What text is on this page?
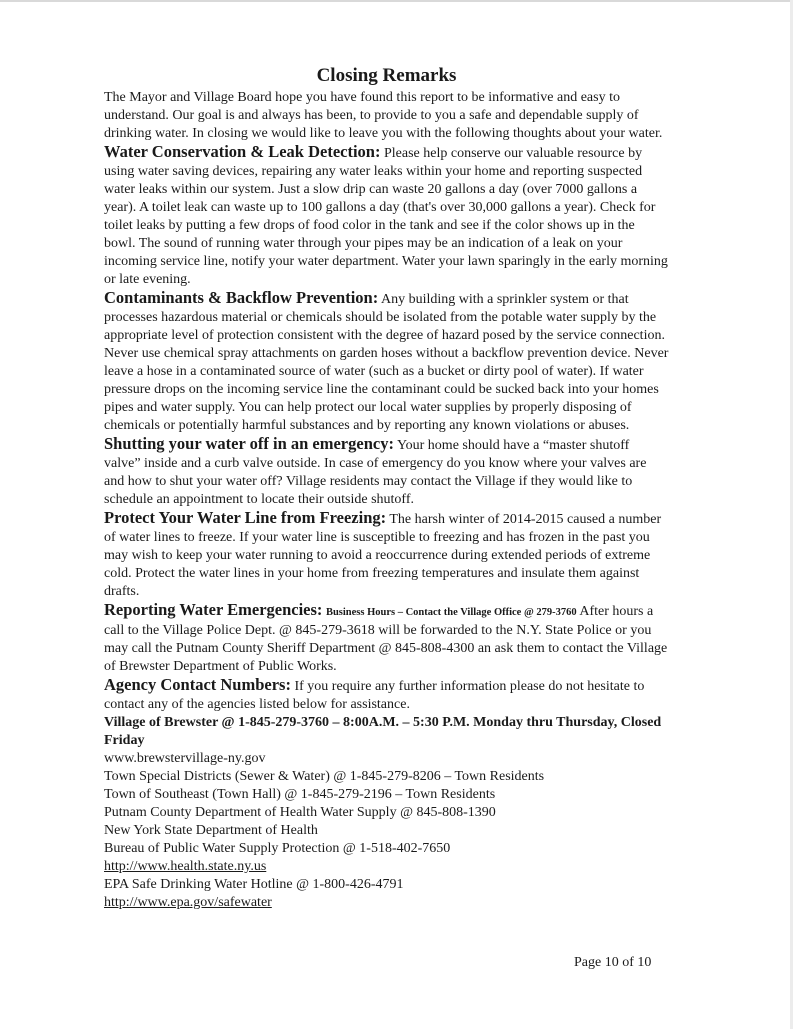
Closing Remarks

The Mayor and Village Board hope you have found this report to be informative and easy to understand. Our goal is and always has been, to provide to you a safe and dependable supply of drinking water. In closing we would like to leave you with the following thoughts about your water.

Water Conservation & Leak Detection: Please help conserve our valuable resource by using water saving devices, repairing any water leaks within your home and reporting suspected water leaks within our system. Just a slow drip can waste 20 gallons a day (over 7000 gallons a year). A toilet leak can waste up to 100 gallons a day (that's over 30,000 gallons a year). Check for toilet leaks by putting a few drops of food color in the tank and see if the color shows up in the bowl. The sound of running water through your pipes may be an indication of a leak on your incoming service line, notify your water department. Water your lawn sparingly in the early morning or late evening.

Contaminants & Backflow Prevention: Any building with a sprinkler system or that processes hazardous material or chemicals should be isolated from the potable water supply by the appropriate level of protection consistent with the degree of hazard posed by the service connection. Never use chemical spray attachments on garden hoses without a backflow prevention device. Never leave a hose in a contaminated source of water (such as a bucket or dirty pool of water). If water pressure drops on the incoming service line the contaminant could be sucked back into your homes pipes and water supply. You can help protect our local water supplies by properly disposing of chemicals or potentially harmful substances and by reporting any known violations or abuses.

Shutting your water off in an emergency: Your home should have a “master shutoff valve” inside and a curb valve outside. In case of emergency do you know where your valves are and how to shut your water off? Village residents may contact the Village if they would like to schedule an appointment to locate their outside shutoff.

Protect Your Water Line from Freezing: The harsh winter of 2014-2015 caused a number of water lines to freeze. If your water line is susceptible to freezing and has frozen in the past you may wish to keep your water running to avoid a reoccurrence during extended periods of extreme cold. Protect the water lines in your home from freezing temperatures and insulate them against drafts.

Reporting Water Emergencies: Business Hours – Contact the Village Office @ 279-3760 After hours a call to the Village Police Dept. @ 845-279-3618 will be forwarded to the N.Y. State Police or you may call the Putnam County Sheriff Department @ 845-808-4300 an ask them to contact the Village of Brewster Department of Public Works.

Agency Contact Numbers: If you require any further information please do not hesitate to contact any of the agencies listed below for assistance.

Village of Brewster @ 1-845-279-3760 – 8:00A.M. – 5:30 P.M. Monday thru Thursday, Closed Friday

www.brewstervillage-ny.gov
Town Special Districts (Sewer & Water) @ 1-845-279-8206 – Town Residents
Town of Southeast (Town Hall) @ 1-845-279-2196 – Town Residents
Putnam County Department of Health Water Supply @ 845-808-1390
New York State Department of Health
Bureau of Public Water Supply Protection @ 1-518-402-7650
http://www.health.state.ny.us
EPA Safe Drinking Water Hotline @ 1-800-426-4791
http://www.epa.gov/safewater
Page 10 of 10
